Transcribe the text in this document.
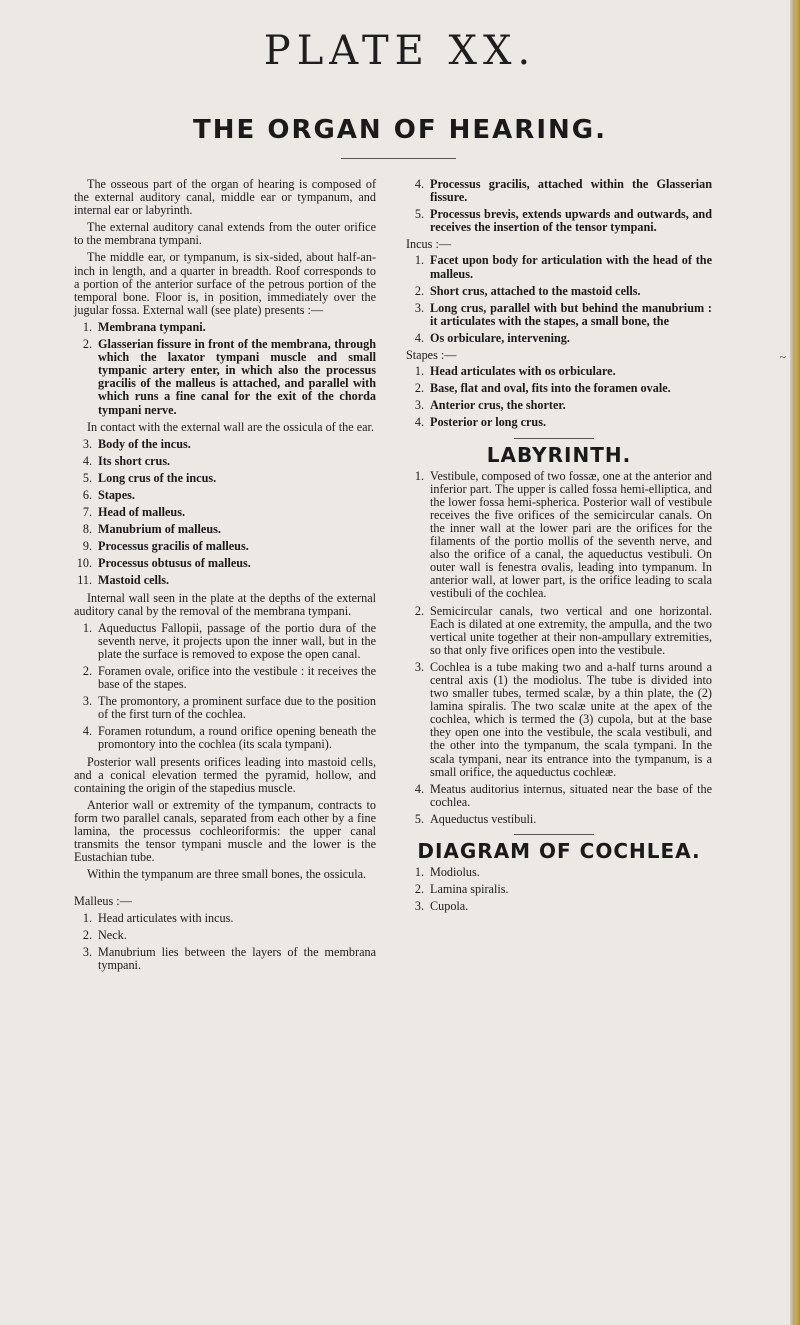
~
PLATE XX.
THE ORGAN OF HEARING.

The osseous part of the organ of hearing is composed of the external auditory canal, middle ear or tympanum, and internal ear or labyrinth.

The external auditory canal extends from the outer orifice to the membrana tympani.

The middle ear, or tympanum, is six-sided, about half-an-inch in length, and a quarter in breadth. Roof corresponds to a portion of the anterior surface of the petrous portion of the temporal bone. Floor is, in position, immediately over the jugular fossa. External wall (see plate) presents :—

1. Membrana tympani.
2. Glasserian fissure in front of the membrana, through which the laxator tympani muscle and small tympanic artery enter, in which also the processus gracilis of the malleus is attached, and parallel with which runs a fine canal for the exit of the chorda tympani nerve.

In contact with the external wall are the ossicula of the ear.

3. Body of the incus.
4. Its short crus.
5. Long crus of the incus.
6. Stapes.
7. Head of malleus.
8. Manubrium of malleus.
9. Processus gracilis of malleus.
10. Processus obtusus of malleus.
11. Mastoid cells.

Internal wall seen in the plate at the depths of the external auditory canal by the removal of the membrana tympani.

1. Aqueductus Fallopii, passage of the portio dura of the seventh nerve, it projects upon the inner wall, but in the plate the surface is removed to expose the open canal.
2. Foramen ovale, orifice into the vestibule : it receives the base of the stapes.
3. The promontory, a prominent surface due to the position of the first turn of the cochlea.
4. Foramen rotundum, a round orifice opening beneath the promontory into the cochlea (its scala tympani).

Posterior wall presents orifices leading into mastoid cells, and a conical elevation termed the pyramid, hollow, and containing the origin of the stapedius muscle.

Anterior wall or extremity of the tympanum, contracts to form two parallel canals, separated from each other by a fine lamina, the processus cochleoriformis: the upper canal transmits the tensor tympani muscle and the lower is the Eustachian tube.

Within the tympanum are three small bones, the ossicula.

Malleus :—

1. Head articulates with incus.
2. Neck.
3. Manubrium lies between the layers of the membrana tympani.
4. Processus gracilis, attached within the Glasserian fissure.
5. Processus brevis, extends upwards and outwards, and receives the insertion of the tensor tympani.

Incus :—

1. Facet upon body for articulation with the head of the malleus.
2. Short crus, attached to the mastoid cells.
3. Long crus, parallel with but behind the manubrium : it articulates with the stapes, a small bone, the
4. Os orbiculare, intervening.

Stapes :—

1. Head articulates with os orbiculare.
2. Base, flat and oval, fits into the foramen ovale.
3. Anterior crus, the shorter.
4. Posterior or long crus.
LABYRINTH.
1. Vestibule, composed of two fossæ, one at the anterior and inferior part. The upper is called fossa hemi-elliptica, and the lower fossa hemi-spherica. Posterior wall of vestibule receives the five orifices of the semicircular canals. On the inner wall at the lower pari are the orifices for the filaments of the portio mollis of the seventh nerve, and also the orifice of a canal, the aqueductus vestibuli. On outer wall is fenestra ovalis, leading into tympanum. In anterior wall, at lower part, is the orifice leading to scala vestibuli of the cochlea.
2. Semicircular canals, two vertical and one horizontal. Each is dilated at one extremity, the ampulla, and the two vertical unite together at their non-ampullary extremities, so that only five orifices open into the vestibule.
3. Cochlea is a tube making two and a-half turns around a central axis (1) the modiolus. The tube is divided into two smaller tubes, termed scalæ, by a thin plate, the (2) lamina spiralis. The two scalæ unite at the apex of the cochlea, which is termed the (3) cupola, but at the base they open one into the vestibule, the scala vestibuli, and the other into the tympanum, the scala tympani. In the scala tympani, near its entrance into the tympanum, is a small orifice, the aqueductus cochleæ.
4. Meatus auditorius internus, situated near the base of the cochlea.
5. Aqueductus vestibuli.
DIAGRAM OF COCHLEA.
1. Modiolus.
2. Lamina spiralis.
3. Cupola.
